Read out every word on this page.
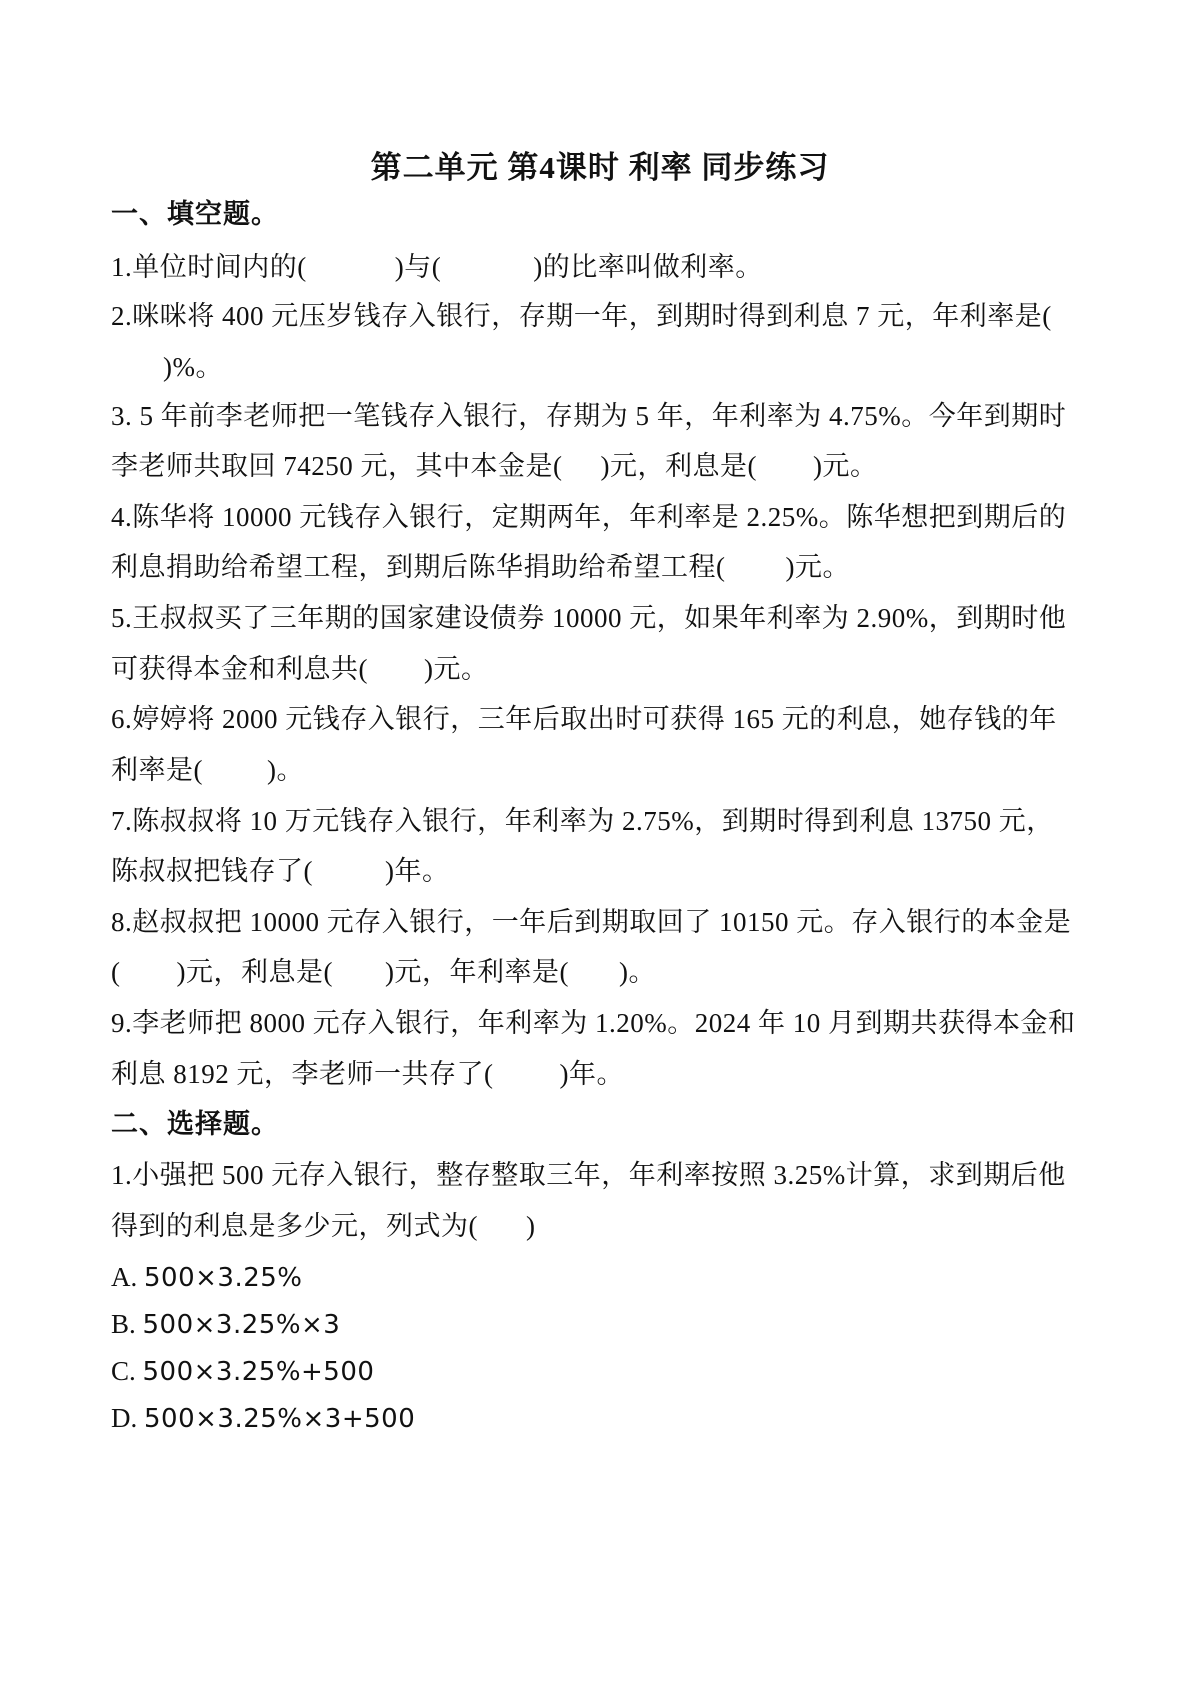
第二单元 第4课时 利率 同步练习
一、填空题。
1.单位时间内的(	)与(	)的比率叫做利率。
2.咪咪将 400 元压岁钱存入银行，存期一年，到期时得到利息 7 元，年利率是(
)%。
3. 5 年前李老师把一笔钱存入银行，存期为 5 年，年利率为 4.75%。今年到期时
李老师共取回 74250 元，其中本金是( )元，利息是( )元。
4.陈华将 10000 元钱存入银行，定期两年，年利率是 2.25%。陈华想把到期后的
利息捐助给希望工程，到期后陈华捐助给希望工程( )元。
5.王叔叔买了三年期的国家建设债券 10000 元，如果年利率为 2.90%，到期时他
可获得本金和利息共( )元。
6.婷婷将 2000 元钱存入银行，三年后取出时可获得 165 元的利息，她存钱的年
利率是( )。
7.陈叔叔将 10 万元钱存入银行，年利率为 2.75%，到期时得到利息 13750 元，
陈叔叔把钱存了(	)年。
8.赵叔叔把 10000 元存入银行，一年后到期取回了 10150 元。存入银行的本金是
( )元，利息是( )元，年利率是( )。
9.李老师把 8000 元存入银行，年利率为 1.20%。2024 年 10 月到期共获得本金和
利息 8192 元，李老师一共存了( )年。
二、选择题。
1.小强把 500 元存入银行，整存整取三年，年利率按照 3.25%计算，求到期后他
得到的利息是多少元，列式为( )
A. 500×3.25%
B. 500×3.25%×3
C. 500×3.25%+500
D. 500×3.25%×3+500
